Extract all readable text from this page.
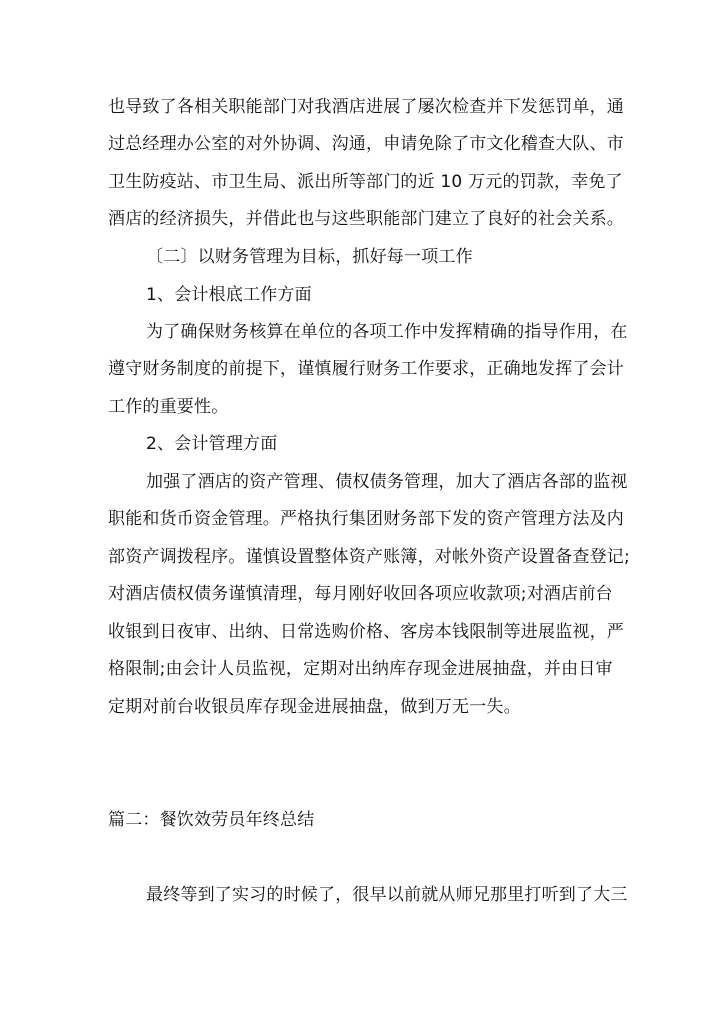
也导致了各相关职能部门对我酒店进展了屡次检查并下发惩罚单，通
过总经理办公室的对外协调、沟通，申请免除了市文化稽查大队、市
卫生防疫站、市卫生局、派出所等部门的近 10 万元的罚款，幸免了
酒店的经济损失，并借此也与这些职能部门建立了良好的社会关系。
〔二〕以财务管理为目标，抓好每一项工作
1、会计根底工作方面
为了确保财务核算在单位的各项工作中发挥精确的指导作用，在
遵守财务制度的前提下，谨慎履行财务工作要求，正确地发挥了会计
工作的重要性。
2、会计管理方面
加强了酒店的资产管理、债权债务管理，加大了酒店各部的监视
职能和货币资金管理。严格执行集团财务部下发的资产管理方法及内
部资产调拨程序。谨慎设置整体资产账簿，对帐外资产设置备查登记;
对酒店债权债务谨慎清理，每月刚好收回各项应收款项;对酒店前台
收银到日夜审、出纳、日常选购价格、客房本钱限制等进展监视，严
格限制;由会计人员监视，定期对出纳库存现金进展抽盘，并由日审
定期对前台收银员库存现金进展抽盘，做到万无一失。
篇二：餐饮效劳员年终总结
最终等到了实习的时候了，很早以前就从师兄那里打听到了大三
